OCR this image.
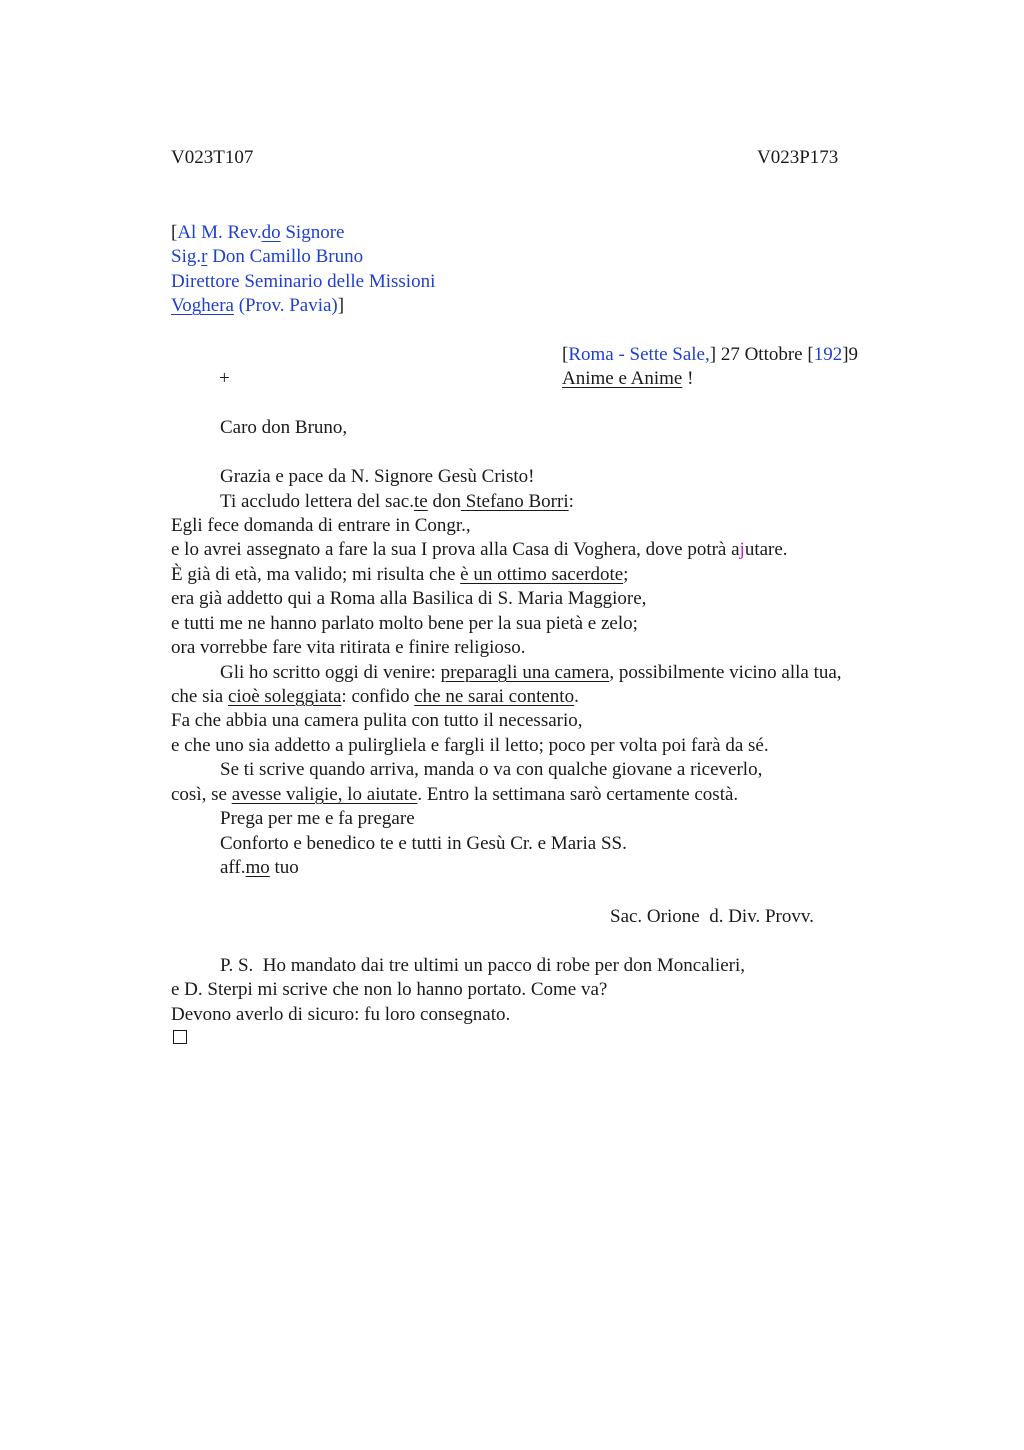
V023T107	V023P173
[Al M. Rev.do Signore
Sig.r Don Camillo Bruno
Direttore Seminario delle Missioni
Voghera (Prov. Pavia)]
[Roma - Sette Sale,] 27 Ottobre [192]9
+	Anime e Anime !
Caro don Bruno,
Grazia e pace da N. Signore Gesù Cristo!
Ti accludo lettera del sac.te don Stefano Borri:
Egli fece domanda di entrare in Congr.,
e lo avrei assegnato a fare la sua I prova alla Casa di Voghera, dove potrà ajutare.
È già di età, ma valido; mi risulta che è un ottimo sacerdote;
era già addetto qui a Roma alla Basilica di S. Maria Maggiore,
e tutti me ne hanno parlato molto bene per la sua pietà e zelo;
ora vorrebbe fare vita ritirata e finire religioso.
Gli ho scritto oggi di venire: preparagli una camera, possibilmente vicino alla tua,
che sia cioè soleggiata: confido che ne sarai contento.
Fa che abbia una camera pulita con tutto il necessario,
e che uno sia addetto a pulirgliela e fargli il letto; poco per volta poi farà da sé.
Se ti scrive quando arriva, manda o va con qualche giovane a riceverlo,
così, se avesse valigie, lo aiutate. Entro la settimana sarò certamente costà.
Prega per me e fa pregare
Conforto e benedico te e tutti in Gesù Cr. e Maria SS.
aff.mo tuo
Sac. Orione  d. Div. Provv.
P. S.  Ho mandato dai tre ultimi un pacco di robe per don Moncalieri,
e D. Sterpi mi scrive che non lo hanno portato. Come va?
Devono averlo di sicuro: fu loro consegnato.
